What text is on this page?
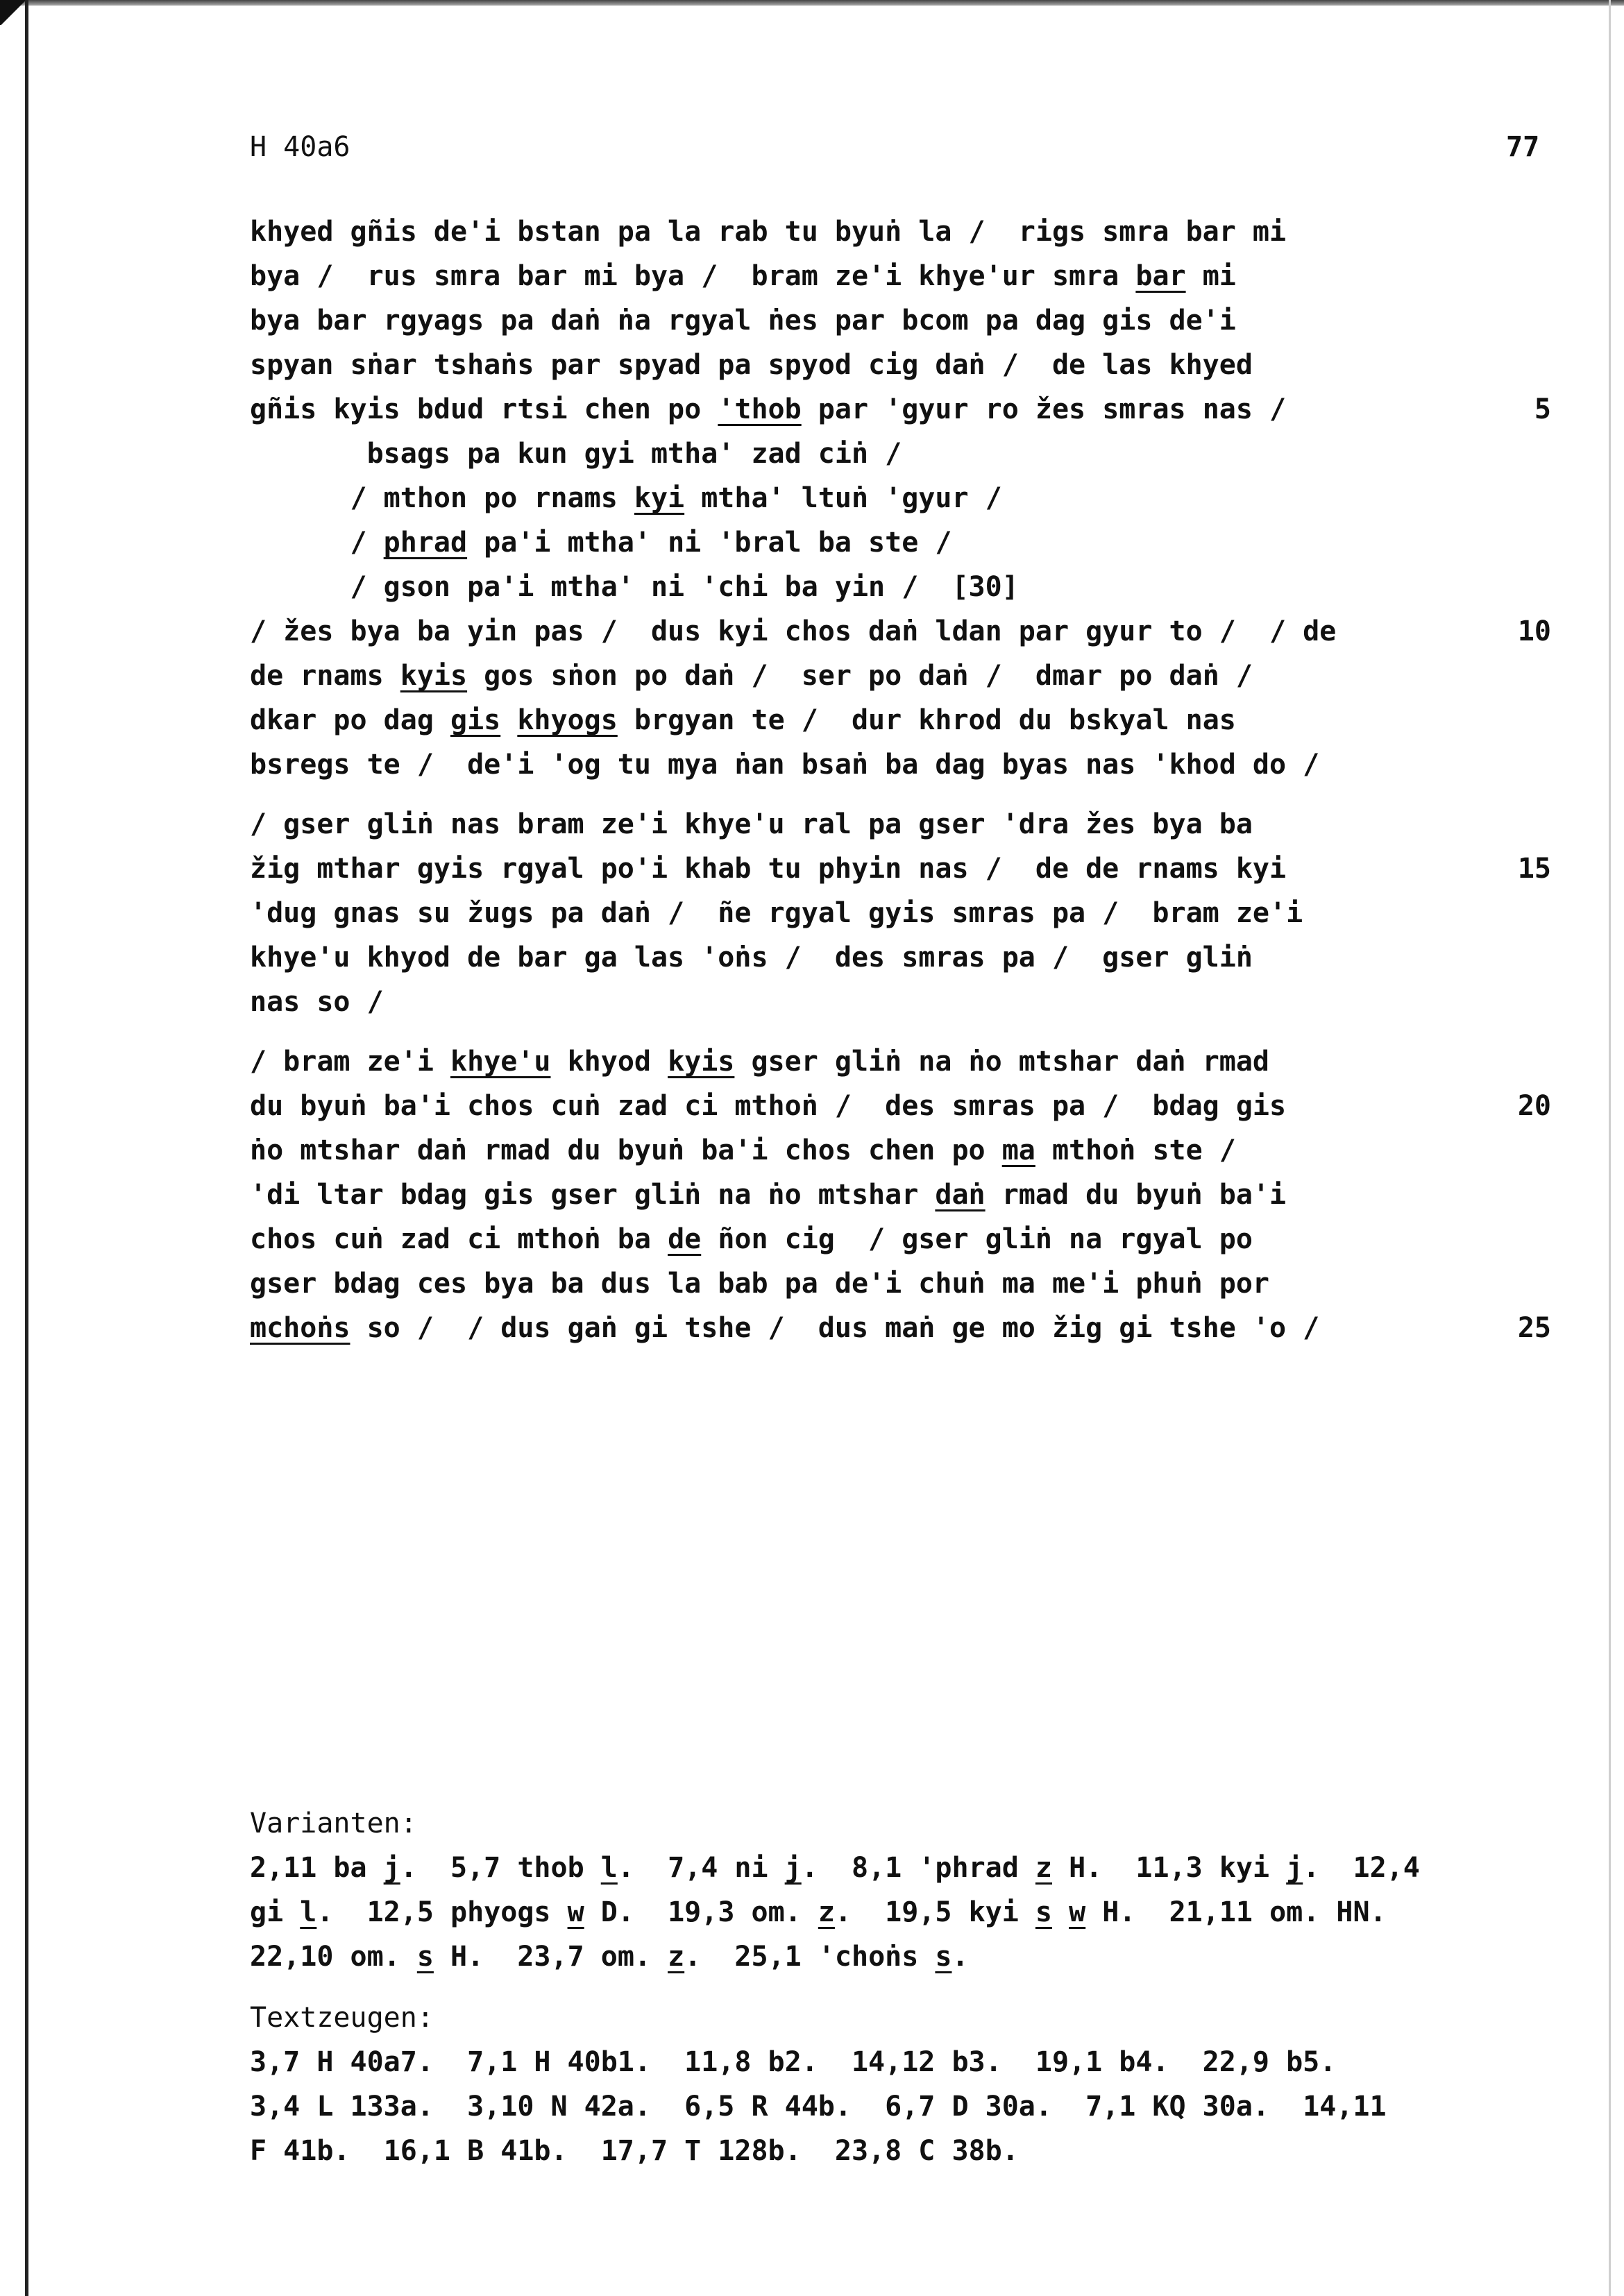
H 40a6	77
khyed gñis de'i bstan pa la rab tu byuṅ la /  rigs smra bar mi
bya /  rus smra bar mi bya /  bram ze'i khye'ur smra bar mi
bya bar rgyags pa daṅ ṅa rgyal ṅes par bcom pa dag gis de'i
spyan sṅar tshaṅs par spyad pa spyod cig daṅ /  de las khyed
gñis kyis bdud rtsi chen po 'thob par 'gyur ro žes smras nas /
bsags pa kun gyi mtha' zad ciṅ /
/ mthon po rnams kyi mtha' ltuṅ 'gyur /
/ phrad pa'i mtha' ni 'bral ba ste /
/ gson pa'i mtha' ni 'chi ba yin /  [30]
/ žes bya ba yin pas /  dus kyi chos daṅ ldan par gyur to /  / de
de rnams kyis gos sṅon po daṅ /  ser po daṅ /  dmar po daṅ /
dkar po dag gis khyogs brgyan te /  dur khrod du bskyal nas
bsregs te /  de'i 'og tu mya ṅan bsaṅ ba dag byas nas 'khod do /
/ gser gliṅ nas bram ze'i khye'u ral pa gser 'dra žes bya ba
žig mthar gyis rgyal po'i khab tu phyin nas /  de de rnams kyi
'dug gnas su žugs pa daṅ /  ñe rgyal gyis smras pa /  bram ze'i
khye'u khyod de bar ga las 'oṅs /  des smras pa /  gser gliṅ
nas so /
/ bram ze'i khye'u khyod kyis gser gliṅ na ṅo mtshar daṅ rmad
du byuṅ ba'i chos cuṅ zad ci mthoṅ /  des smras pa /  bdag gis
ṅo mtshar daṅ rmad du byuṅ ba'i chos chen po ma mthoṅ ste /
'di ltar bdag gis gser gliṅ na ṅo mtshar daṅ rmad du byuṅ ba'i
chos cuṅ zad ci mthoṅ ba de ñon cig  / gser gliṅ na rgyal po
gser bdag ces bya ba dus la bab pa de'i chuṅ ma me'i phuṅ por
mchoṅs so /  / dus gaṅ gi tshe /  dus maṅ ge mo žig gi tshe 'o /
5
10
15
20
25
Varianten:
2,11 ba j.  5,7 thob l.  7,4 ni j.  8,1 'phrad z H.  11,3 kyi j.  12,4
gi l.  12,5 phyogs w D.  19,3 om. z.  19,5 kyi s w H.  21,11 om. HN.
22,10 om. s H.  23,7 om. z.  25,1 'choṅs s.
Textzeugen:
3,7 H 40a7.  7,1 H 40b1.  11,8 b2.  14,12 b3.  19,1 b4.  22,9 b5.
3,4 L 133a.  3,10 N 42a.  6,5 R 44b.  6,7 D 30a.  7,1 KQ 30a.  14,11
F 41b.  16,1 B 41b.  17,7 T 128b.  23,8 C 38b.
